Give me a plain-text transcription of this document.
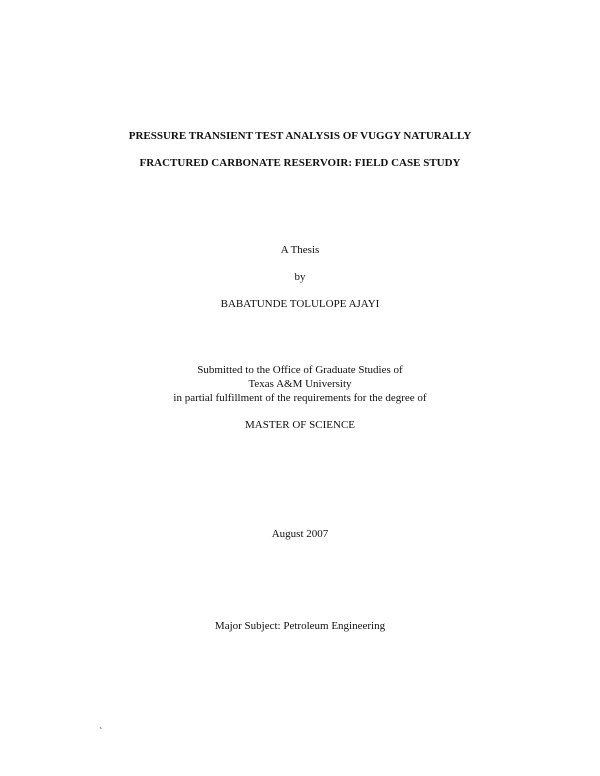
PRESSURE TRANSIENT TEST ANALYSIS OF VUGGY NATURALLY
FRACTURED CARBONATE RESERVOIR: FIELD CASE STUDY
A Thesis
by
BABATUNDE TOLULOPE AJAYI
Submitted to the Office of Graduate Studies of
Texas A&M University
in partial fulfillment of the requirements for the degree of
MASTER OF SCIENCE
August 2007
Major Subject: Petroleum Engineering
`
